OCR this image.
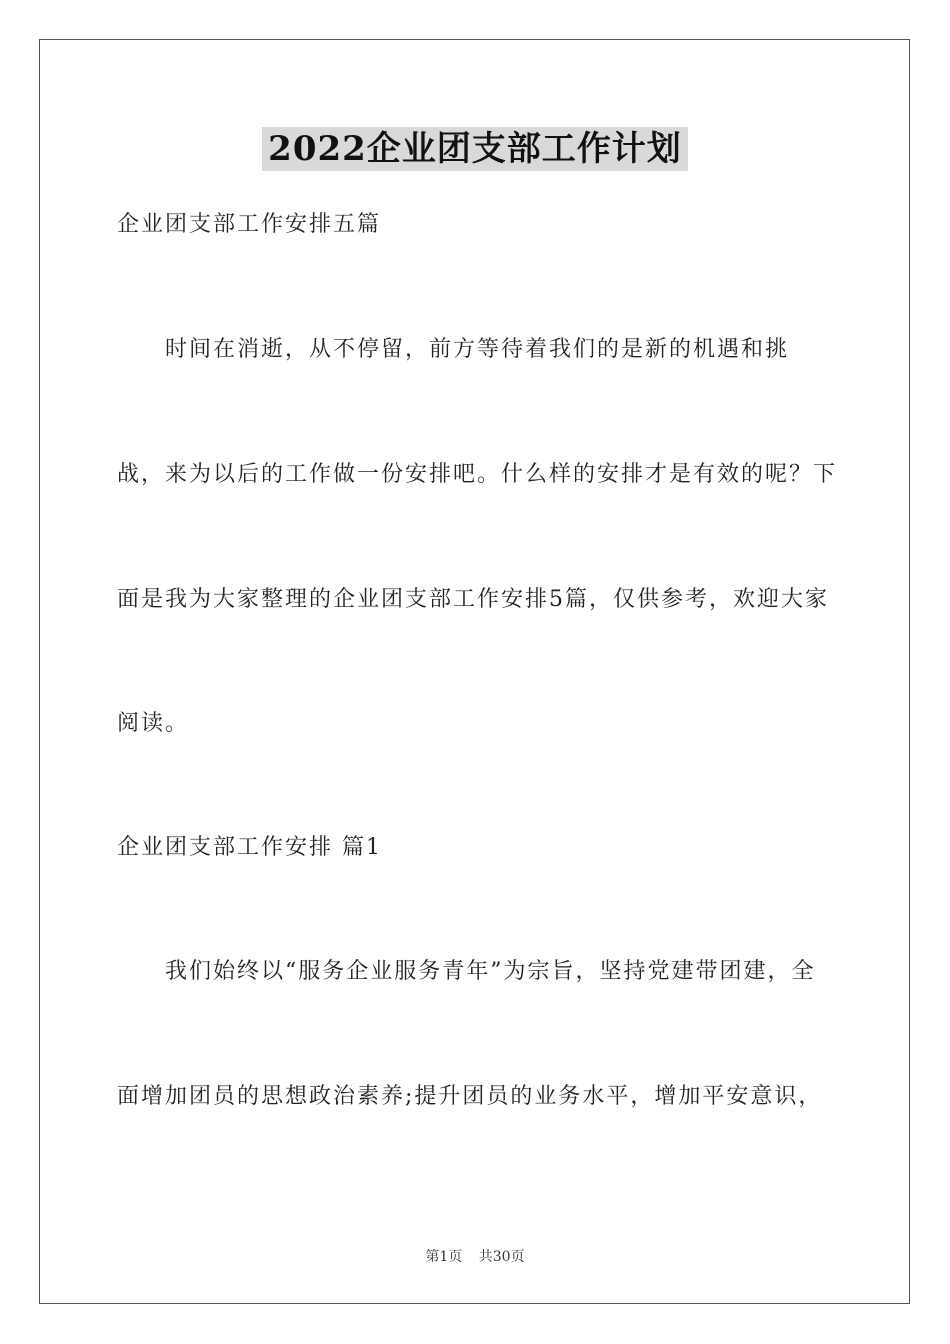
2022企业团支部工作计划
企业团支部工作安排五篇
　　时间在消逝，从不停留，前方等待着我们的是新的机遇和挑
战，来为以后的工作做一份安排吧。什么样的安排才是有效的呢？下
面是我为大家整理的企业团支部工作安排5篇，仅供参考，欢迎大家
阅读。
企业团支部工作安排 篇1
　　我们始终以“服务企业服务青年”为宗旨，坚持党建带团建，全
面增加团员的思想政治素养;提升团员的业务水平，增加平安意识，
第1页 共30页
